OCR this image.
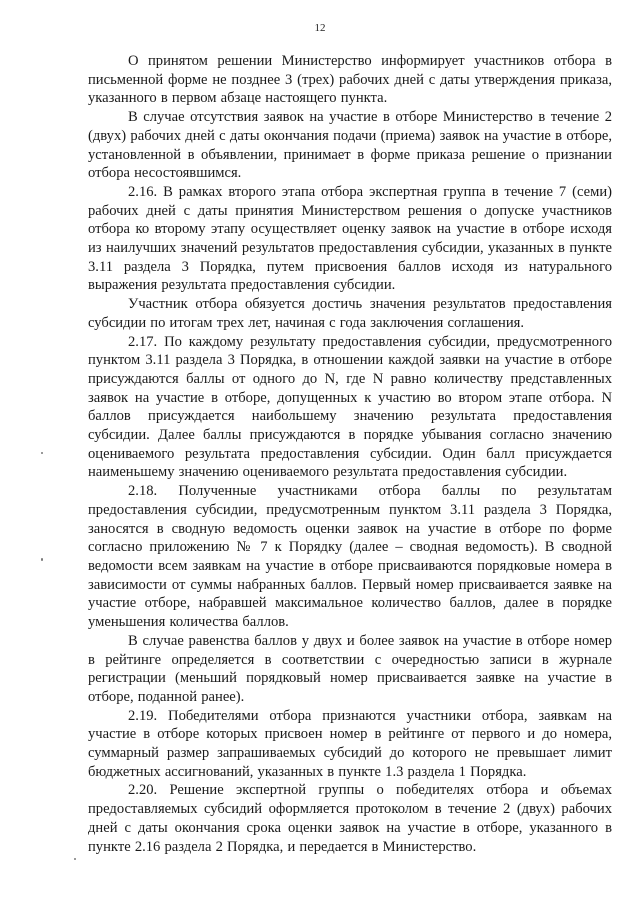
12

О принятом решении Министерство информирует участников отбора в письменной форме не позднее 3 (трех) рабочих дней с даты утверждения приказа, указанного в первом абзаце настоящего пункта.

В случае отсутствия заявок на участие в отборе Министерство в течение 2 (двух) рабочих дней с даты окончания подачи (приема) заявок на участие в отборе, установленной в объявлении, принимает в форме приказа решение о признании отбора несостоявшимся.

2.16. В рамках второго этапа отбора экспертная группа в течение 7 (семи) рабочих дней с даты принятия Министерством решения о допуске участников отбора ко второму этапу осуществляет оценку заявок на участие в отборе исходя из наилучших значений результатов предоставления субсидии, указанных в пункте 3.11 раздела 3 Порядка, путем присвоения баллов исходя из натурального выражения результата предоставления субсидии.

Участник отбора обязуется достичь значения результатов предоставления субсидии по итогам трех лет, начиная с года заключения соглашения.

2.17. По каждому результату предоставления субсидии, предусмотренного пунктом 3.11 раздела 3 Порядка, в отношении каждой заявки на участие в отборе присуждаются баллы от одного до N, где N равно количеству представленных заявок на участие в отборе, допущенных к участию во втором этапе отбора. N баллов присуждается наибольшему значению результата предоставления субсидии. Далее баллы присуждаются в порядке убывания согласно значению оцениваемого результата предоставления субсидии. Один балл присуждается наименьшему значению оцениваемого результата предоставления субсидии.

2.18. Полученные участниками отбора баллы по результатам предоставления субсидии, предусмотренным пунктом 3.11 раздела 3 Порядка, заносятся в сводную ведомость оценки заявок на участие в отборе по форме согласно приложению № 7 к Порядку (далее – сводная ведомость). В сводной ведомости всем заявкам на участие в отборе присваиваются порядковые номера в зависимости от суммы набранных баллов. Первый номер присваивается заявке на участие отборе, набравшей максимальное количество баллов, далее в порядке уменьшения количества баллов.

В случае равенства баллов у двух и более заявок на участие в отборе номер в рейтинге определяется в соответствии с очередностью записи в журнале регистрации (меньший порядковый номер присваивается заявке на участие в отборе, поданной ранее).

2.19. Победителями отбора признаются участники отбора, заявкам на участие в отборе которых присвоен номер в рейтинге от первого и до номера, суммарный размер запрашиваемых субсидий до которого не превышает лимит бюджетных ассигнований, указанных в пункте 1.3 раздела 1 Порядка.

2.20. Решение экспертной группы о победителях отбора и объемах предоставляемых субсидий оформляется протоколом в течение 2 (двух) рабочих дней с даты окончания срока оценки заявок на участие в отборе, указанного в пункте 2.16 раздела 2 Порядка, и передается в Министерство.
